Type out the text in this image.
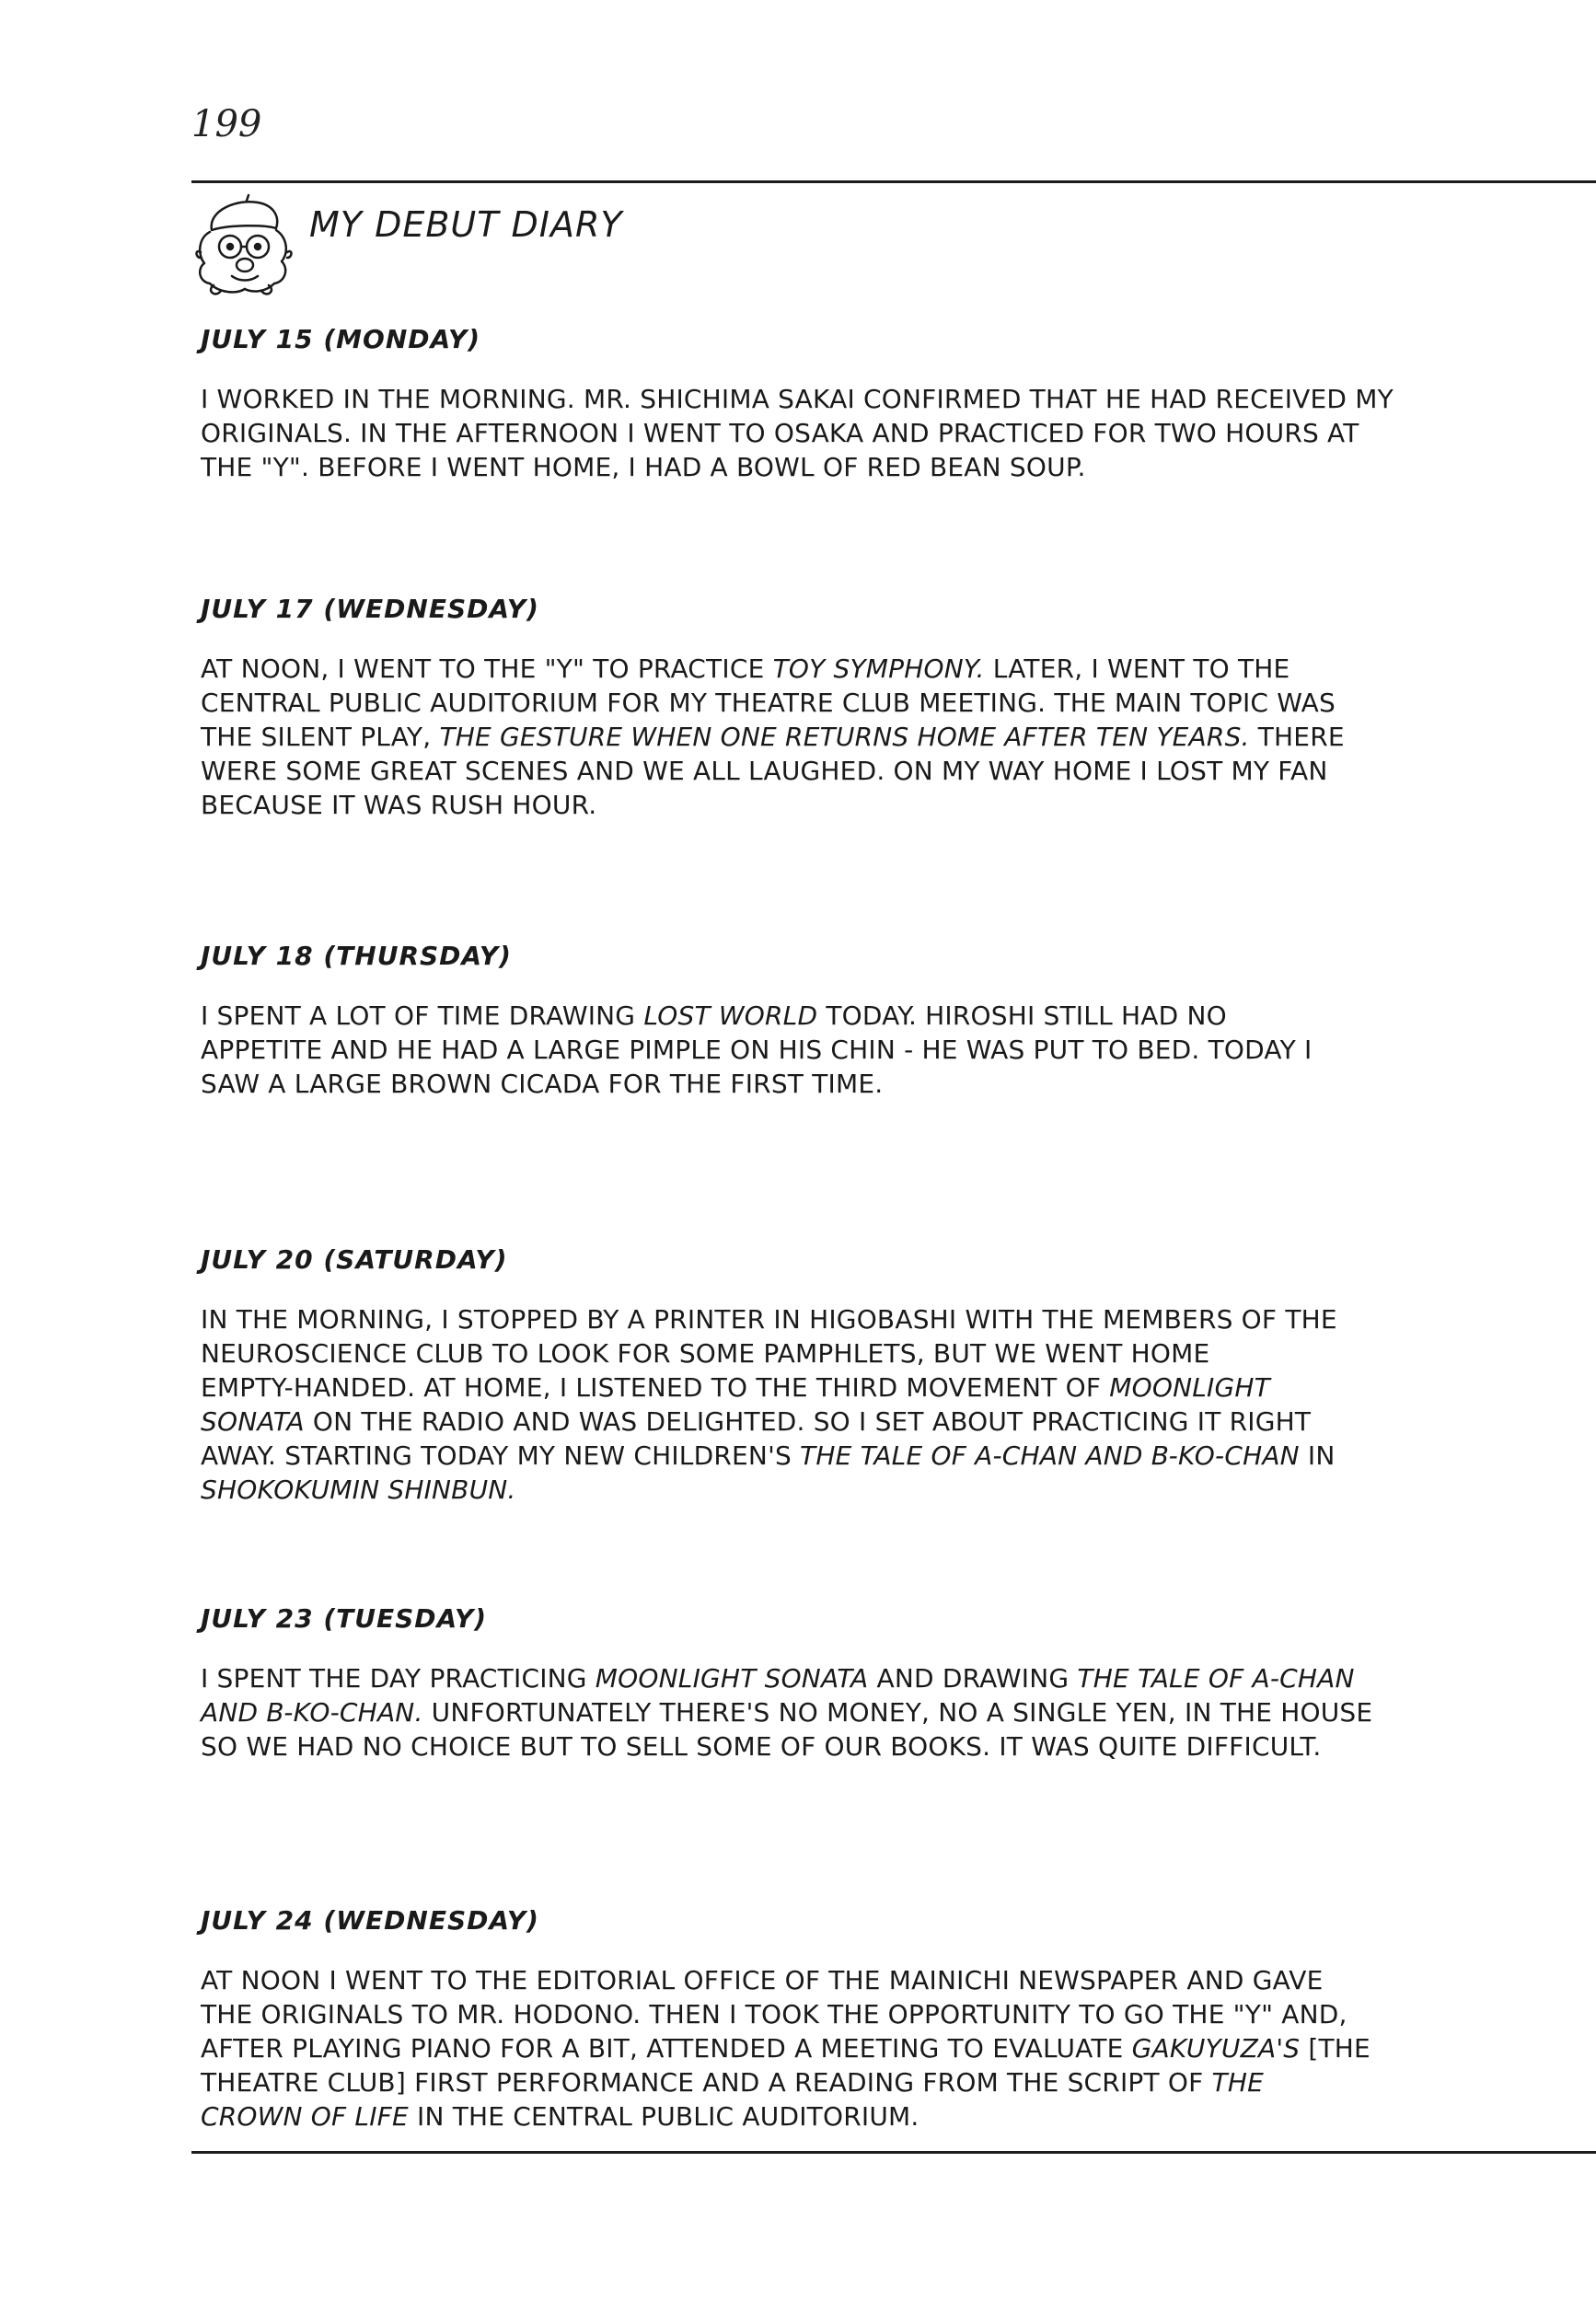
199
MY DEBUT DIARY
JULY 15 (MONDAY)
I WORKED IN THE MORNING. MR. SHICHIMA SAKAI CONFIRMED THAT HE HAD RECEIVED MY
ORIGINALS. IN THE AFTERNOON I WENT TO OSAKA AND PRACTICED FOR TWO HOURS AT
THE "Y". BEFORE I WENT HOME, I HAD A BOWL OF RED BEAN SOUP.
JULY 17 (WEDNESDAY)
AT NOON, I WENT TO THE "Y" TO PRACTICE TOY SYMPHONY. LATER, I WENT TO THE
CENTRAL PUBLIC AUDITORIUM FOR MY THEATRE CLUB MEETING. THE MAIN TOPIC WAS
THE SILENT PLAY, THE GESTURE WHEN ONE RETURNS HOME AFTER TEN YEARS. THERE
WERE SOME GREAT SCENES AND WE ALL LAUGHED. ON MY WAY HOME I LOST MY FAN
BECAUSE IT WAS RUSH HOUR.
JULY 18 (THURSDAY)
I SPENT A LOT OF TIME DRAWING LOST WORLD TODAY. HIROSHI STILL HAD NO
APPETITE AND HE HAD A LARGE PIMPLE ON HIS CHIN - HE WAS PUT TO BED. TODAY I
SAW A LARGE BROWN CICADA FOR THE FIRST TIME.
JULY 20 (SATURDAY)
IN THE MORNING, I STOPPED BY A PRINTER IN HIGOBASHI WITH THE MEMBERS OF THE
NEUROSCIENCE CLUB TO LOOK FOR SOME PAMPHLETS, BUT WE WENT HOME
EMPTY-HANDED. AT HOME, I LISTENED TO THE THIRD MOVEMENT OF MOONLIGHT
SONATA ON THE RADIO AND WAS DELIGHTED. SO I SET ABOUT PRACTICING IT RIGHT
AWAY. STARTING TODAY MY NEW CHILDREN'S THE TALE OF A-CHAN AND B-KO-CHAN IN
SHOKOKUMIN SHINBUN.
JULY 23 (TUESDAY)
I SPENT THE DAY PRACTICING MOONLIGHT SONATA AND DRAWING THE TALE OF A-CHAN
AND B-KO-CHAN. UNFORTUNATELY THERE'S NO MONEY, NO A SINGLE YEN, IN THE HOUSE
SO WE HAD NO CHOICE BUT TO SELL SOME OF OUR BOOKS. IT WAS QUITE DIFFICULT.
JULY 24 (WEDNESDAY)
AT NOON I WENT TO THE EDITORIAL OFFICE OF THE MAINICHI NEWSPAPER AND GAVE
THE ORIGINALS TO MR. HODONO. THEN I TOOK THE OPPORTUNITY TO GO THE "Y" AND,
AFTER PLAYING PIANO FOR A BIT, ATTENDED A MEETING TO EVALUATE GAKUYUZA'S [THE
THEATRE CLUB] FIRST PERFORMANCE AND A READING FROM THE SCRIPT OF THE
CROWN OF LIFE IN THE CENTRAL PUBLIC AUDITORIUM.
